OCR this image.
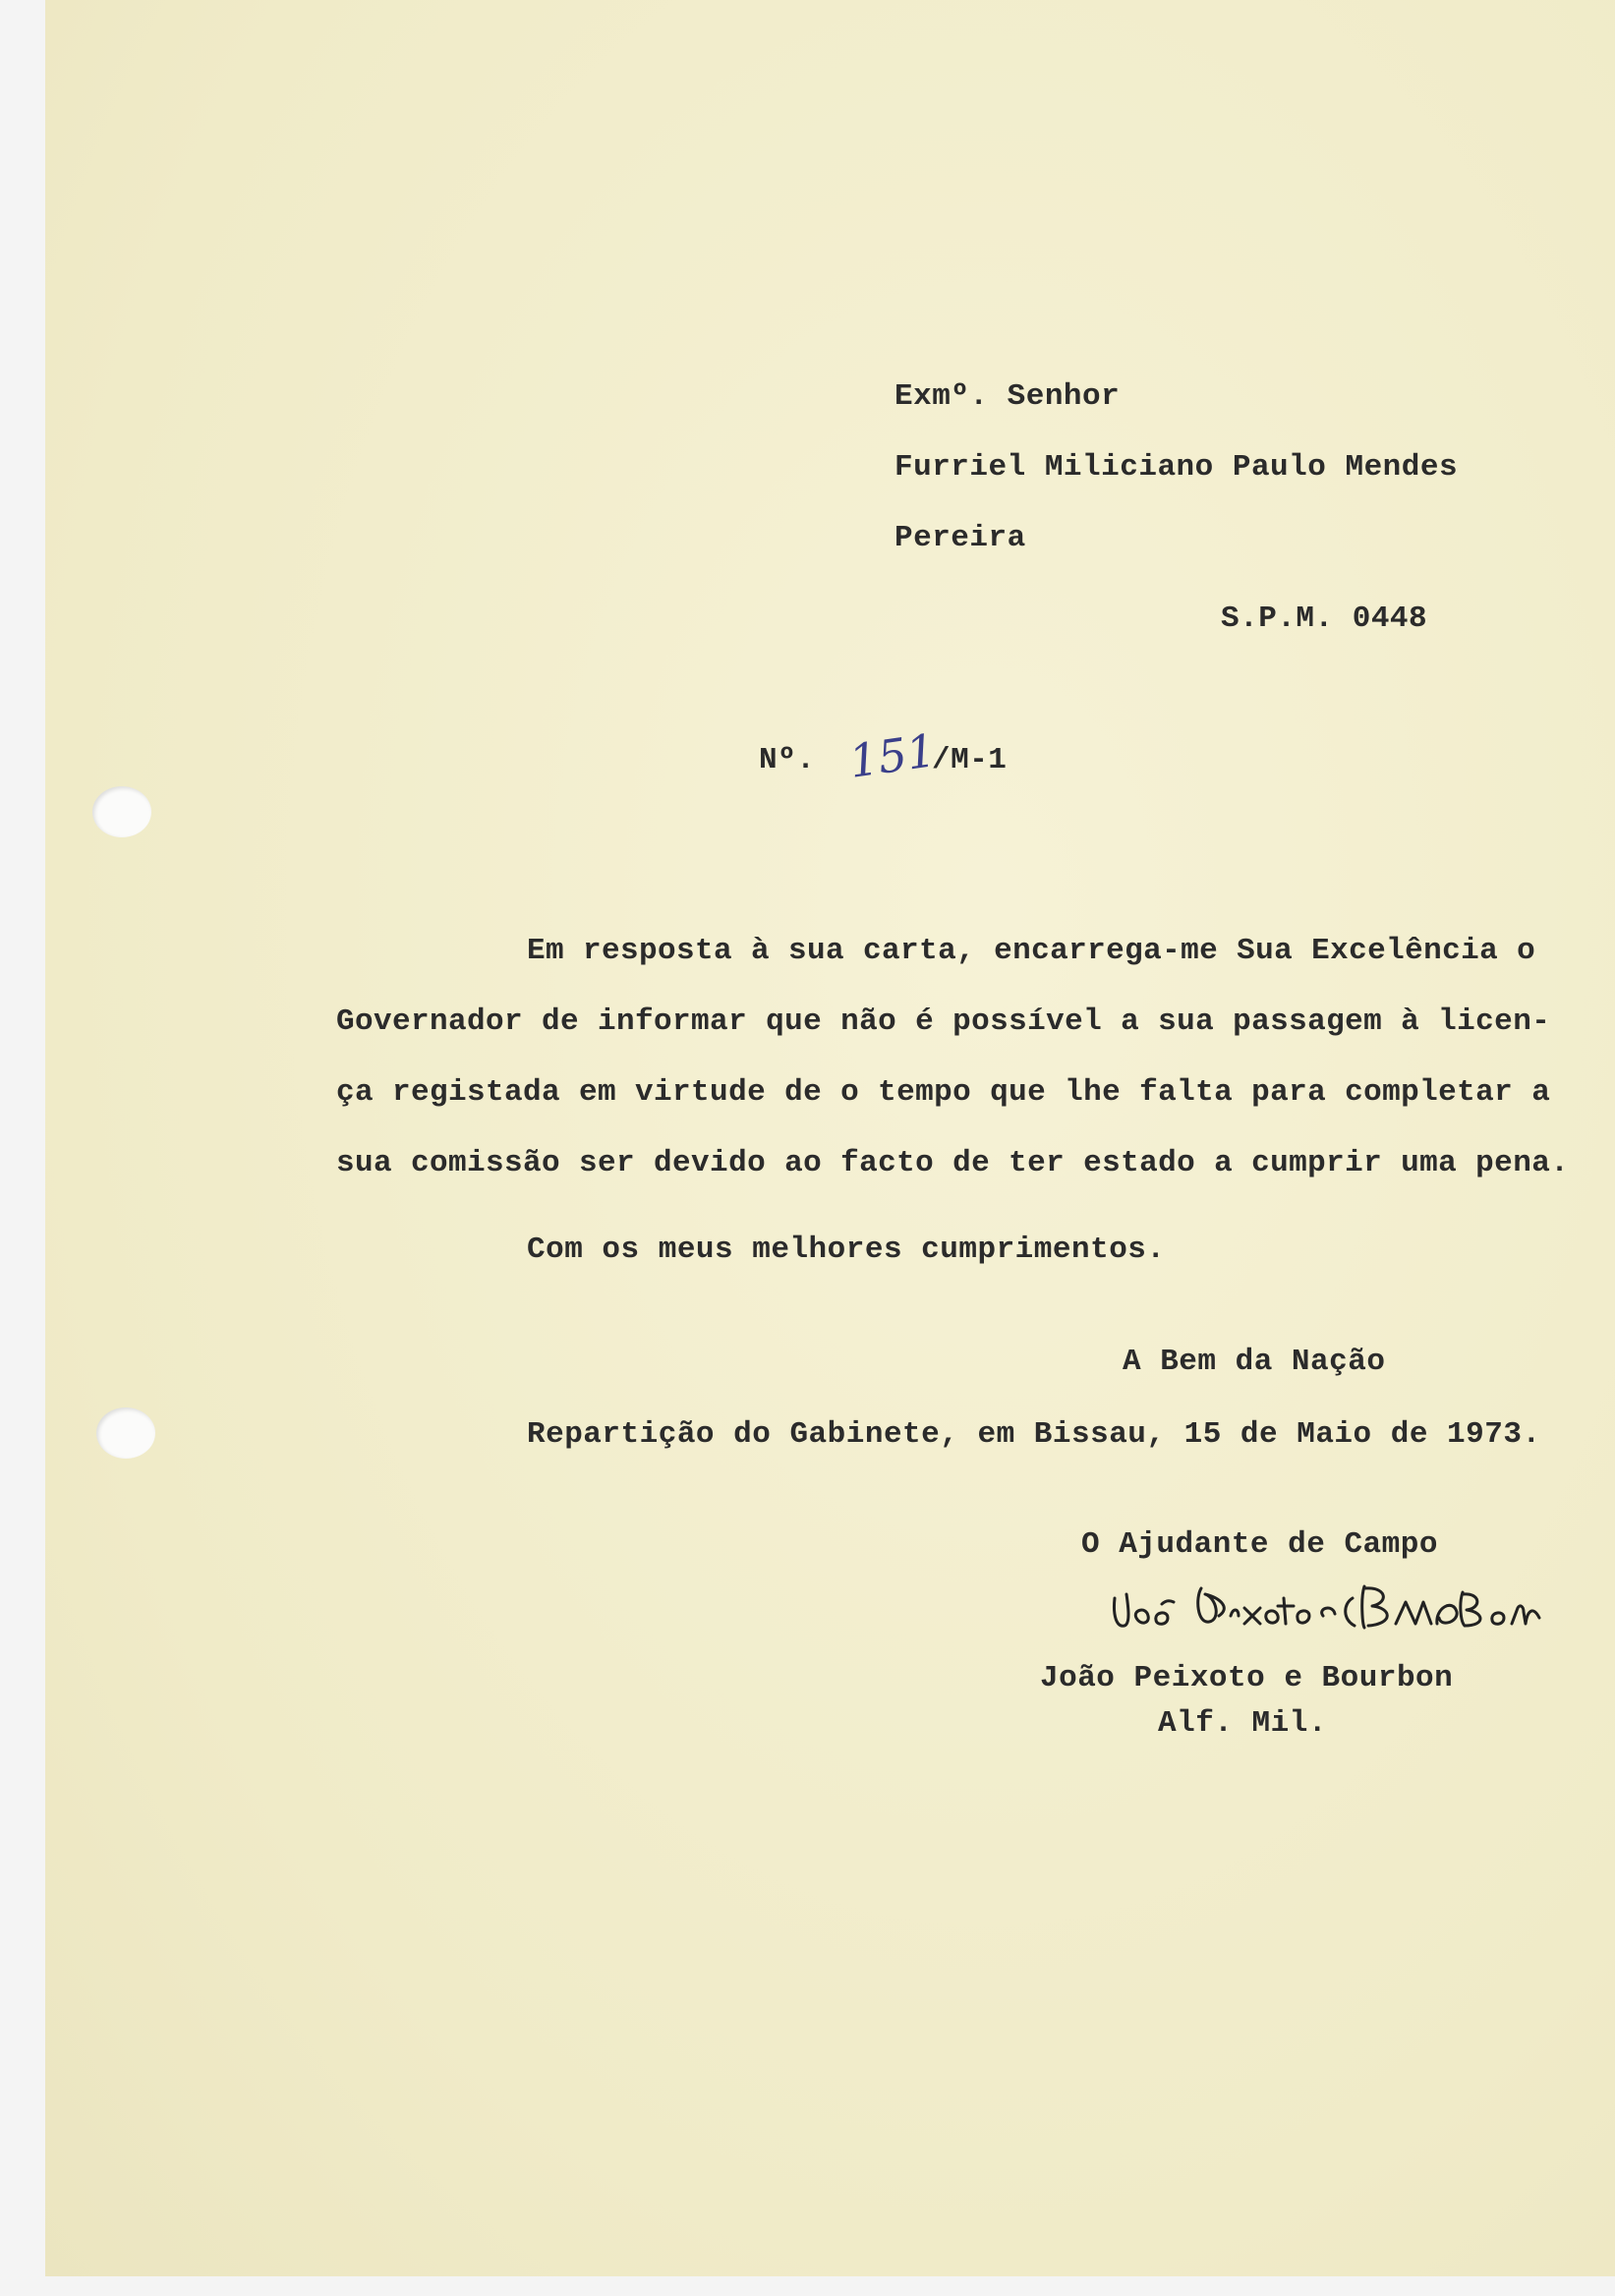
Exmº. Senhor
Furriel Miliciano Paulo Mendes
Pereira
S.P.M. 0448
Nº. 151
/M-1
Em resposta à sua carta, encarrega-me Sua Excelência o
Governador de informar que não é possível a sua passagem à licen-
ça registada em virtude de o tempo que lhe falta para completar a
sua comissão ser devido ao facto de ter estado a cumprir uma pena.
Com os meus melhores cumprimentos.
A Bem da Nação
Repartição do Gabinete, em Bissau, 15 de Maio de 1973.
O Ajudante de Campo
João Peixoto e Bourbon
Alf. Mil.
